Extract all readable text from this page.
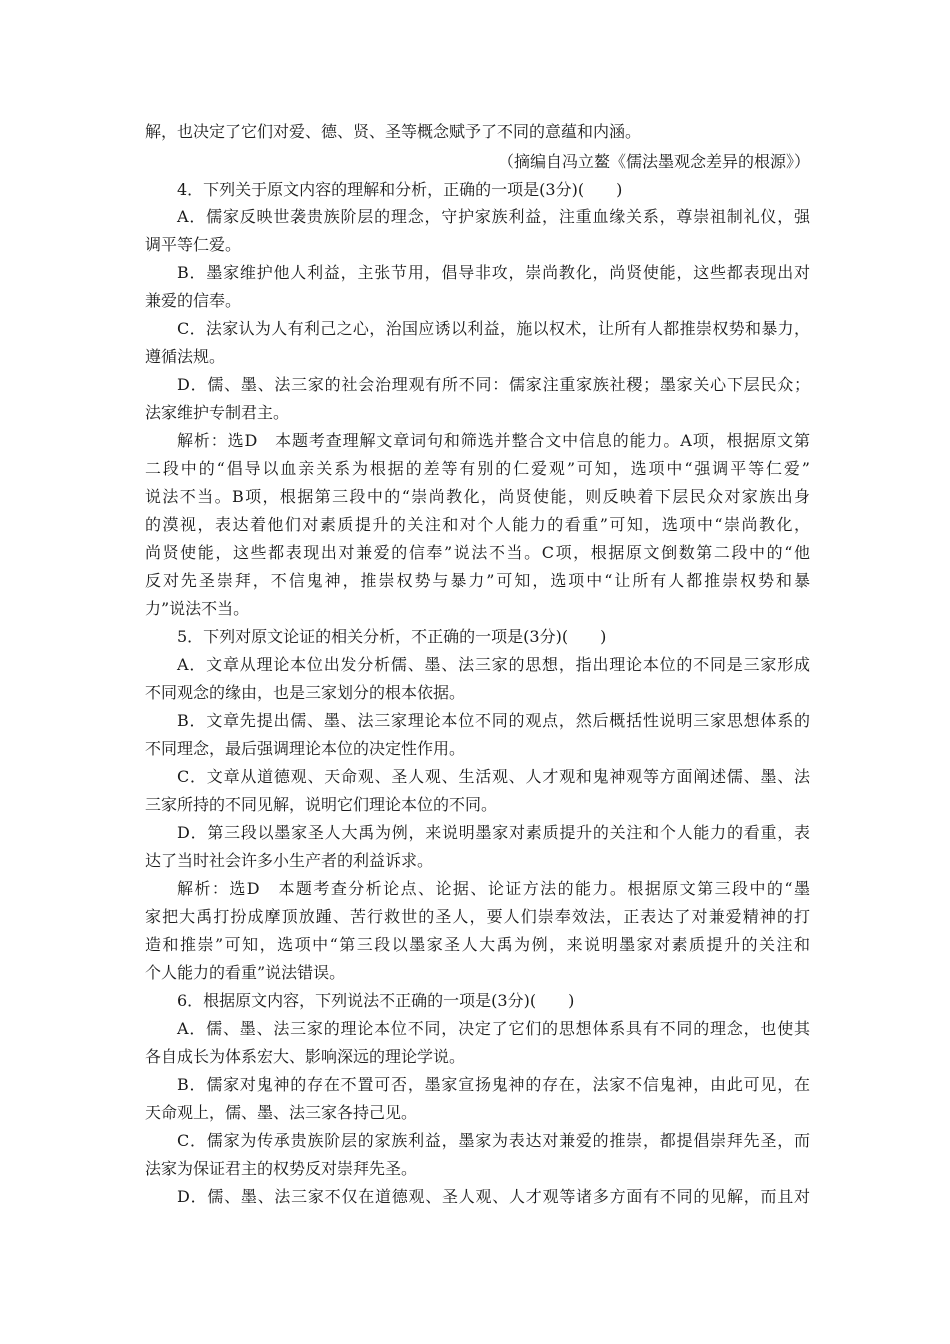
解，也决定了它们对爱、德、贤、圣等概念赋予了不同的意蕴和内涵。
（摘编自冯立鳌《儒法墨观念差异的根源》）
4．下列关于原文内容的理解和分析，正确的一项是(3分)(　　)
A．儒家反映世袭贵族阶层的理念，守护家族利益，注重血缘关系，尊崇祖制礼仪，强
调平等仁爱。
B．墨家维护他人利益，主张节用，倡导非攻，崇尚教化，尚贤使能，这些都表现出对
兼爱的信奉。
C．法家认为人有利己之心，治国应诱以利益，施以权术，让所有人都推崇权势和暴力，
遵循法规。
D．儒、墨、法三家的社会治理观有所不同：儒家注重家族社稷；墨家关心下层民众；
法家维护专制君主。
解析：选D　本题考查理解文章词句和筛选并整合文中信息的能力。A项，根据原文第
二段中的“倡导以血亲关系为根据的差等有别的仁爱观”可知，选项中“强调平等仁爱”
说法不当。B项，根据第三段中的“崇尚教化，尚贤使能，则反映着下层民众对家族出身
的漠视，表达着他们对素质提升的关注和对个人能力的看重”可知，选项中“崇尚教化，
尚贤使能，这些都表现出对兼爱的信奉”说法不当。C项，根据原文倒数第二段中的“他
反对先圣崇拜，不信鬼神，推崇权势与暴力”可知，选项中“让所有人都推崇权势和暴
力”说法不当。
5．下列对原文论证的相关分析，不正确的一项是(3分)(　　)
A．文章从理论本位出发分析儒、墨、法三家的思想，指出理论本位的不同是三家形成
不同观念的缘由，也是三家划分的根本依据。
B．文章先提出儒、墨、法三家理论本位不同的观点，然后概括性说明三家思想体系的
不同理念，最后强调理论本位的决定性作用。
C．文章从道德观、天命观、圣人观、生活观、人才观和鬼神观等方面阐述儒、墨、法
三家所持的不同见解，说明它们理论本位的不同。
D．第三段以墨家圣人大禹为例，来说明墨家对素质提升的关注和个人能力的看重，表
达了当时社会许多小生产者的利益诉求。
解析：选D　本题考查分析论点、论据、论证方法的能力。根据原文第三段中的“墨
家把大禹打扮成摩顶放踵、苦行救世的圣人，要人们崇奉效法，正表达了对兼爱精神的打
造和推崇”可知，选项中“第三段以墨家圣人大禹为例，来说明墨家对素质提升的关注和
个人能力的看重”说法错误。
6．根据原文内容，下列说法不正确的一项是(3分)(　　)
A．儒、墨、法三家的理论本位不同，决定了它们的思想体系具有不同的理念，也使其
各自成长为体系宏大、影响深远的理论学说。
B．儒家对鬼神的存在不置可否，墨家宣扬鬼神的存在，法家不信鬼神，由此可见，在
天命观上，儒、墨、法三家各持己见。
C．儒家为传承贵族阶层的家族利益，墨家为表达对兼爱的推崇，都提倡崇拜先圣，而
法家为保证君主的权势反对崇拜先圣。
D．儒、墨、法三家不仅在道德观、圣人观、人才观等诸多方面有不同的见解，而且对
